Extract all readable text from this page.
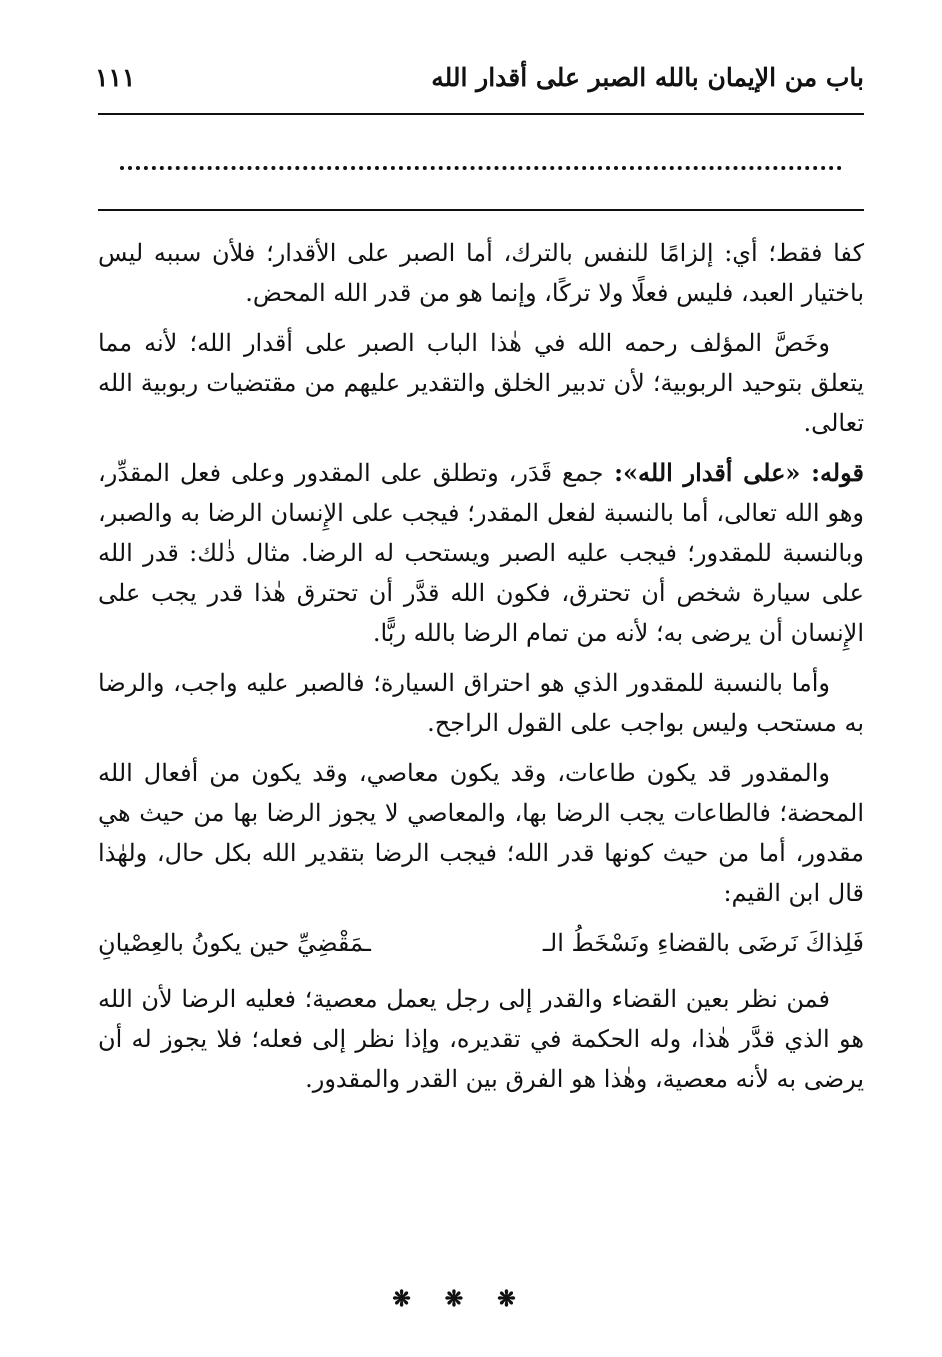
باب من الإيمان بالله الصبر على أقدار الله
١١١

كفا فقط؛ أي: إلزامًا للنفس بالترك، أما الصبر على الأقدار؛ فلأن سببه ليس باختيار العبد، فليس فعلًا ولا تركًا، وإنما هو من قدر الله المحض.

وخَصَّ المؤلف رحمه الله في هٰذا الباب الصبر على أقدار الله؛ لأنه مما يتعلق بتوحيد الربوبية؛ لأن تدبير الخلق والتقدير عليهم من مقتضيات ربوبية الله تعالى.

قوله: «على أقدار الله»: جمع قَدَر، وتطلق على المقدور وعلى فعل المقدِّر، وهو الله تعالى، أما بالنسبة لفعل المقدر؛ فيجب على الإِنسان الرضا به والصبر، وبالنسبة للمقدور؛ فيجب عليه الصبر ويستحب له الرضا. مثال ذٰلك: قدر الله على سيارة شخص أن تحترق، فكون الله قدَّر أن تحترق هٰذا قدر يجب على الإِنسان أن يرضى به؛ لأنه من تمام الرضا بالله ربًّا.

وأما بالنسبة للمقدور الذي هو احتراق السيارة؛ فالصبر عليه واجب، والرضا به مستحب وليس بواجب على القول الراجح.

والمقدور قد يكون طاعات، وقد يكون معاصي، وقد يكون من أفعال الله المحضة؛ فالطاعات يجب الرضا بها، والمعاصي لا يجوز الرضا بها من حيث هي مقدور، أما من حيث كونها قدر الله؛ فيجب الرضا بتقدير الله بكل حال، ولهٰذا قال ابن القيم:

فَلِذاكَ نَرضَى بالقضاءِ ونَسْخَطُ الـ
ـمَقْضِيِّ حين يكونُ بالعِصْيانِ

فمن نظر بعين القضاء والقدر إلى رجل يعمل معصية؛ فعليه الرضا لأن الله هو الذي قدَّر هٰذا، وله الحكمة في تقديره، وإذا نظر إلى فعله؛ فلا يجوز له أن يرضى به لأنه معصية، وهٰذا هو الفرق بين القدر والمقدور.

❋❋❋
